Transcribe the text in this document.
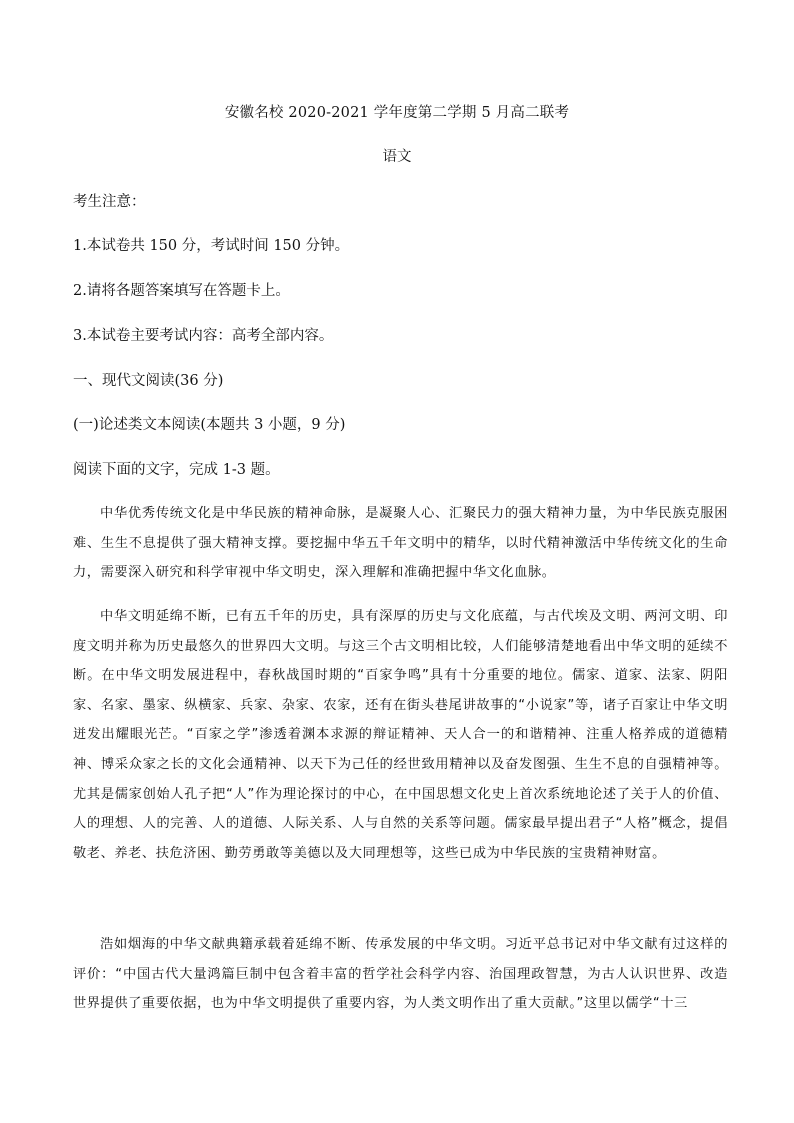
安徽名校 2020-2021 学年度第二学期 5 月高二联考
语文
考生注意：
1.本试卷共 150 分，考试时间 150 分钟。
2.请将各题答案填写在答题卡上。
3.本试卷主要考试内容：高考全部内容。
一、现代文阅读(36 分)
(一)论述类文本阅读(本题共 3 小题，9 分)
阅读下面的文字，完成 1-3 题。

中华优秀传统文化是中华民族的精神命脉，是凝聚人心、汇聚民力的强大精神力量，为中华民族克服困难、生生不息提供了强大精神支撑。要挖掘中华五千年文明中的精华，以时代精神激活中华传统文化的生命力，需要深入研究和科学审视中华文明史，深入理解和准确把握中华文化血脉。

中华文明延绵不断，已有五千年的历史，具有深厚的历史与文化底蕴，与古代埃及文明、两河文明、印度文明并称为历史最悠久的世界四大文明。与这三个古文明相比较，人们能够清楚地看出中华文明的延续不断。在中华文明发展进程中，春秋战国时期的“百家争鸣”具有十分重要的地位。儒家、道家、法家、阴阳家、名家、墨家、纵横家、兵家、杂家、农家，还有在街头巷尾讲故事的“小说家”等，诸子百家让中华文明迸发出耀眼光芒。“百家之学”渗透着渊本求源的辩证精神、天人合一的和谐精神、注重人格养成的道德精神、博采众家之长的文化会通精神、以天下为己任的经世致用精神以及奋发图强、生生不息的自强精神等。尤其是儒家创始人孔子把“人”作为理论探讨的中心，在中国思想文化史上首次系统地论述了关于人的价值、人的理想、人的完善、人的道德、人际关系、人与自然的关系等问题。儒家最早提出君子“人格”概念，提倡敬老、养老、扶危济困、勤劳勇敢等美德以及大同理想等，这些已成为中华民族的宝贵精神财富。

浩如烟海的中华文献典籍承载着延绵不断、传承发展的中华文明。习近平总书记对中华文献有过这样的评价：“中国古代大量鸿篇巨制中包含着丰富的哲学社会科学内容、治国理政智慧，为古人认识世界、改造世界提供了重要依据，也为中华文明提供了重要内容，为人类文明作出了重大贡献。”这里以儒学“十三
